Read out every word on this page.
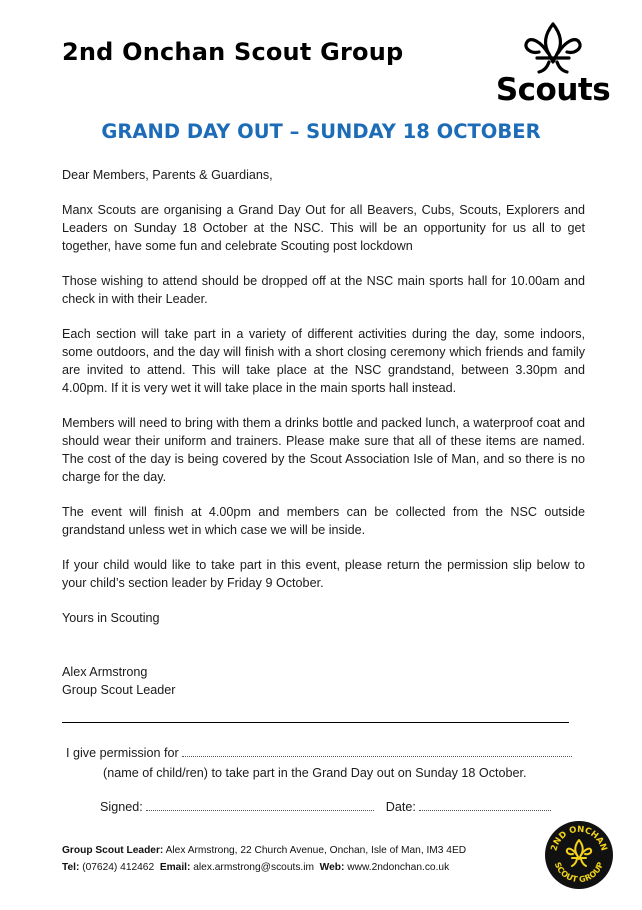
2nd Onchan Scout Group
Scouts
GRAND DAY OUT – SUNDAY 18 OCTOBER

Dear Members, Parents & Guardians,

Manx Scouts are organising a Grand Day Out for all Beavers, Cubs, Scouts, Explorers and Leaders on Sunday 18 October at the NSC. This will be an opportunity for us all to get together, have some fun and celebrate Scouting post lockdown

Those wishing to attend should be dropped off at the NSC main sports hall for 10.00am and check in with their Leader.

Each section will take part in a variety of different activities during the day, some indoors, some outdoors, and the day will finish with a short closing ceremony which friends and family are invited to attend. This will take place at the NSC grandstand, between 3.30pm and 4.00pm. If it is very wet it will take place in the main sports hall instead.

Members will need to bring with them a drinks bottle and packed lunch, a waterproof coat and should wear their uniform and trainers. Please make sure that all of these items are named. The cost of the day is being covered by the Scout Association Isle of Man, and so there is no charge for the day.

The event will finish at 4.00pm and members can be collected from the NSC outside grandstand unless wet in which case we will be inside.

If your child would like to take part in this event, please return the permission slip below to your child’s section leader by Friday 9 October.

Yours in Scouting

Alex Armstrong

Group Scout Leader

I give permission for
(name of child/ren) to take part in the Grand Day out on Sunday 18 October.
Signed:	Date:
Group Scout Leader: Alex Armstrong, 22 Church Avenue, Onchan, Isle of Man, IM3 4ED
Tel: (07624) 412462 Email: alex.armstrong@scouts.im Web: www.2ndonchan.co.uk
2ND ONCHAN
SCOUT GROUP
